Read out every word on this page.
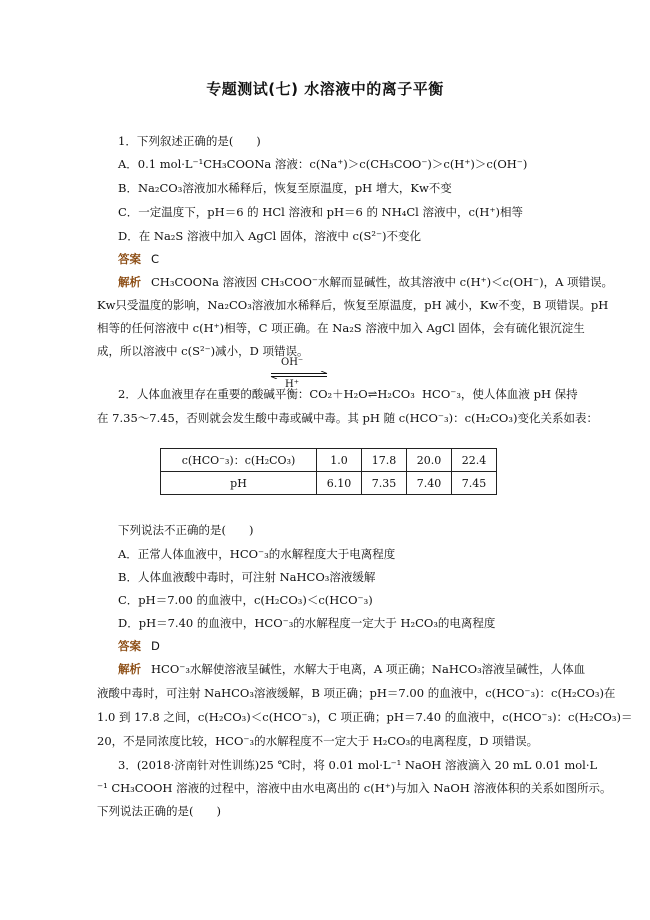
专题测试(七) 水溶液中的离子平衡
1．下列叙述正确的是(　　)
A．0.1 mol·L⁻¹CH₃COONa 溶液：c(Na⁺)＞c(CH₃COO⁻)＞c(H⁺)＞c(OH⁻)
B．Na₂CO₃溶液加水稀释后，恢复至原温度，pH 增大，Kw不变
C．一定温度下，pH＝6 的 HCl 溶液和 pH＝6 的 NH₄Cl 溶液中，c(H⁺)相等
D．在 Na₂S 溶液中加入 AgCl 固体，溶液中 c(S²⁻)不变化
答案 C
解析 CH₃COONa 溶液因 CH₃COO⁻水解而显碱性，故其溶液中 c(H⁺)＜c(OH⁻)，A 项错误。
Kw只受温度的影响，Na₂CO₃溶液加水稀释后，恢复至原温度，pH 减小，Kw不变，B 项错误。pH
相等的任何溶液中 c(H⁺)相等，C 项正确。在 Na₂S 溶液中加入 AgCl 固体，会有硫化银沉淀生
成，所以溶液中 c(S²⁻)减小，D 项错误。
2．人体血液里存在重要的酸碱平衡：CO₂＋H₂O⇌H₂CO₃
OH⁻
H⁺
HCO⁻₃，使人体血液 pH 保持
在 7.35～7.45，否则就会发生酸中毒或碱中毒。其 pH 随 c(HCO⁻₃)：c(H₂CO₃)变化关系如表：
c(HCO⁻₃)：c(H₂CO₃)	1.0	17.8	20.0	22.4
pH	6.10	7.35	7.40	7.45
下列说法不正确的是(　　)
A．正常人体血液中，HCO⁻₃的水解程度大于电离程度
B．人体血液酸中毒时，可注射 NaHCO₃溶液缓解
C．pH＝7.00 的血液中，c(H₂CO₃)＜c(HCO⁻₃)
D．pH＝7.40 的血液中，HCO⁻₃的水解程度一定大于 H₂CO₃的电离程度
答案 D
解析 HCO⁻₃水解使溶液呈碱性，水解大于电离，A 项正确；NaHCO₃溶液呈碱性，人体血
液酸中毒时，可注射 NaHCO₃溶液缓解，B 项正确；pH＝7.00 的血液中，c(HCO⁻₃)：c(H₂CO₃)在
1.0 到 17.8 之间，c(H₂CO₃)＜c(HCO⁻₃)，C 项正确；pH＝7.40 的血液中，c(HCO⁻₃)：c(H₂CO₃)＝
20，不是同浓度比较，HCO⁻₃的水解程度不一定大于 H₂CO₃的电离程度，D 项错误。
3．(2018·济南针对性训练)25 ℃时，将 0.01 mol·L⁻¹ NaOH 溶液滴入 20 mL 0.01 mol·L
⁻¹ CH₃COOH 溶液的过程中，溶液中由水电离出的 c(H⁺)与加入 NaOH 溶液体积的关系如图所示。
下列说法正确的是(　　)
